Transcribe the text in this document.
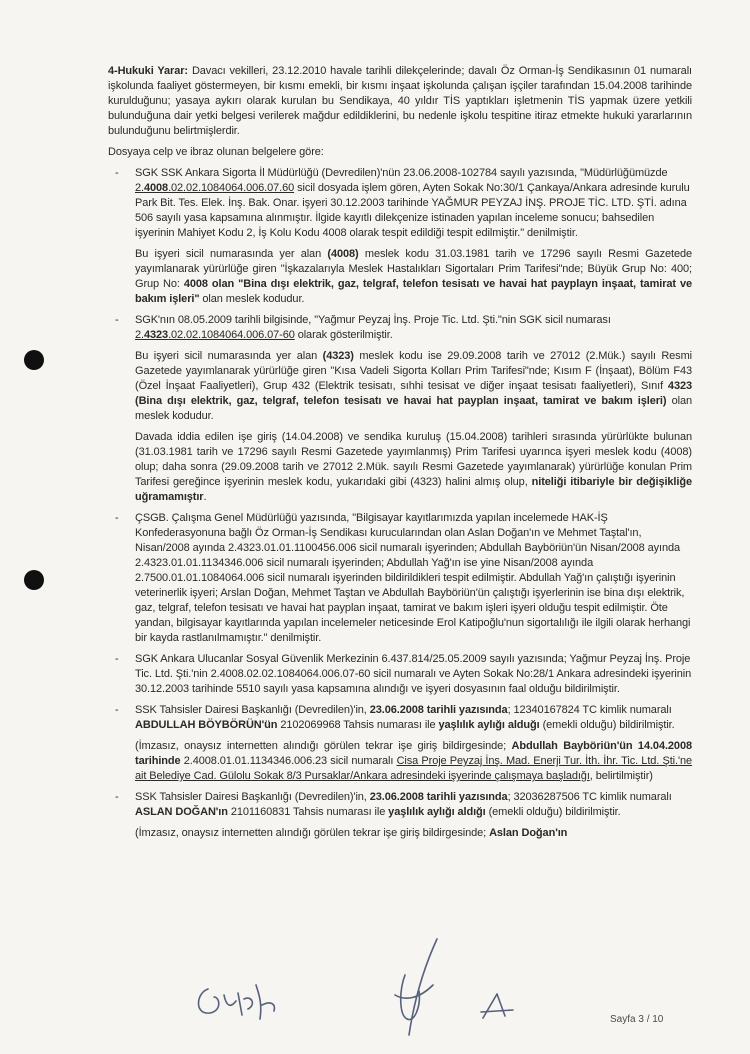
4-Hukuki Yarar: Davacı vekilleri, 23.12.2010 havale tarihli dilekçelerinde; davalı Öz Orman-İş Sendikasının 01 numaralı işkolunda faaliyet göstermeyen, bir kısmı emekli, bir kısmı inşaat işkolunda çalışan işçiler tarafından 15.04.2008 tarihinde kurulduğunu; yasaya aykırı olarak kurulan bu Sendikaya, 40 yıldır TİS yaptıkları işletmenin TİS yapmak üzere yetkili bulunduğuna dair yetki belgesi verilerek mağdur edildiklerini, bu nedenle işkolu tespitine itiraz etmekte hukuki yararlarının bulunduğunu belirtmişlerdir.

Dosyaya celp ve ibraz olunan belgelere göre:

- SGK SSK Ankara Sigorta İl Müdürlüğü (Devredilen)'nün 23.06.2008-102784 sayılı yazısında, "Müdürlüğümüzde 2.4008.02.02.1084064.006.07.60 sicil dosyada işlem gören, Ayten Sokak No:30/1 Çankaya/Ankara adresinde kurulu Park Bit. Tes. Elek. İnş. Bak. Onar. işyeri 30.12.2003 tarihinde YAĞMUR PEYZAJ İNŞ. PROJE TİC. LTD. ŞTİ. adına 506 sayılı yasa kapsamına alınmıştır. İlgide kayıtlı dilekçenize istinaden yapılan inceleme sonucu; bahsedilen işyerinin Mahiyet Kodu 2, İş Kolu Kodu 4008 olarak tespit edildiği tespit edilmiştir." denilmiştir.

Bu işyeri sicil numarasında yer alan (4008) meslek kodu 31.03.1981 tarih ve 17296 sayılı Resmi Gazetede yayımlanarak yürürlüğe giren "İşkazalarıyla Meslek Hastalıkları Sigortaları Prim Tarifesi"nde; Büyük Grup No: 400; Grup No: 4008 olan "Bina dışı elektrik, gaz, telgraf, telefon tesisatı ve havai hat payplayn inşaat, tamirat ve bakım işleri" olan meslek kodudur.

- SGK'nın 08.05.2009 tarihli bilgisinde, "Yağmur Peyzaj İnş. Proje Tic. Ltd. Şti."nin SGK sicil numarası 2.4323.02.02.1084064.006.07-60 olarak gösterilmiştir.

Bu işyeri sicil numarasında yer alan (4323) meslek kodu ise 29.09.2008 tarih ve 27012 (2.Mük.) sayılı Resmi Gazetede yayımlanarak yürürlüğe giren "Kısa Vadeli Sigorta Kolları Prim Tarifesi"nde; Kısım F (İnşaat), Bölüm F43 (Özel İnşaat Faaliyetleri), Grup 432 (Elektrik tesisatı, sıhhi tesisat ve diğer inşaat tesisatı faaliyetleri), Sınıf 4323 (Bina dışı elektrik, gaz, telgraf, telefon tesisatı ve havai hat payplan inşaat, tamirat ve bakım işleri) olan meslek kodudur.

Davada iddia edilen işe giriş (14.04.2008) ve sendika kuruluş (15.04.2008) tarihleri sırasında yürürlükte bulunan (31.03.1981 tarih ve 17296 sayılı Resmi Gazetede yayımlanmış) Prim Tarifesi uyarınca işyeri meslek kodu (4008) olup; daha sonra (29.09.2008 tarih ve 27012 2.Mük. sayılı Resmi Gazetede yayımlanarak) yürürlüğe konulan Prim Tarifesi gereğince işyerinin meslek kodu, yukarıdaki gibi (4323) halini almış olup, niteliği itibariyle bir değişikliğe uğramamıştır.

- ÇSGB. Çalışma Genel Müdürlüğü yazısında, "Bilgisayar kayıtlarımızda yapılan incelemede HAK-İŞ Konfederasyonuna bağlı Öz Orman-İş Sendikası kurucularından olan Aslan Doğan'ın ve Mehmet Taştal'ın, Nisan/2008 ayında 2.4323.01.01.1100456.006 sicil numaralı işyerinden; Abdullah Bayböriün'ün Nisan/2008 ayında 2.4323.01.01.1134346.006 sicil numaralı işyerinden; Abdullah Yağ'ın ise yine Nisan/2008 ayında 2.7500.01.01.1084064.006 sicil numaralı işyerinden bildirildikleri tespit edilmiştir. Abdullah Yağ'ın çalıştığı işyerinin veterinerlik işyeri; Arslan Doğan, Mehmet Taştan ve Abdullah Bayböriün'ün çalıştığı işyerlerinin ise bina dışı elektrik, gaz, telgraf, telefon tesisatı ve havai hat payplan inşaat, tamirat ve bakım işleri işyeri olduğu tespit edilmiştir. Öte yandan, bilgisayar kayıtlarında yapılan incelemeler neticesinde Erol Katipoğlu'nun sigortalılığı ile ilgili olarak herhangi bir kayda rastlanılmamıştır." denilmiştir.
- SGK Ankara Ulucanlar Sosyal Güvenlik Merkezinin 6.437.814/25.05.2009 sayılı yazısında; Yağmur Peyzaj İnş. Proje Tic. Ltd. Şti.'nin 2.4008.02.02.1084064.006.07-60 sicil numaralı ve Ayten Sokak No:28/1 Ankara adresindeki işyerinin 30.12.2003 tarihinde 5510 sayılı yasa kapsamına alındığı ve işyeri dosyasının faal olduğu bildirilmiştir.
- SSK Tahsisler Dairesi Başkanlığı (Devredilen)'in, 23.06.2008 tarihli yazısında; 12340167824 TC kimlik numaralı ABDULLAH BÖYBÖRÜN'ün 2102069968 Tahsis numarası ile yaşlılık aylığı alduğı (emekli olduğu) bildirilmiştir.

(İmzasız, onaysız internetten alındığı görülen tekrar işe giriş bildirgesinde; Abdullah Bayböriün'ün 14.04.2008 tarihinde 2.4008.01.01.1134346.006.23 sicil numaralı Cisa Proje Peyzaj İnş. Mad. Enerji Tur. İth. İhr. Tic. Ltd. Şti.'ne ait Belediye Cad. Gülolu Sokak 8/3 Pursaklar/Ankara adresindeki işyerinde çalışmaya başladığı, belirtilmiştir)

- SSK Tahsisler Dairesi Başkanlığı (Devredilen)'in, 23.06.2008 tarihli yazısında; 32036287506 TC kimlik numaralı ASLAN DOĞAN'ın 2101160831 Tahsis numarası ile yaşlılık aylığı aldığı (emekli olduğu) bildirilmiştir.

(İmzasız, onaysız internetten alındığı görülen tekrar işe giriş bildirgesinde; Aslan Doğan'ın

Sayfa 3 / 10
